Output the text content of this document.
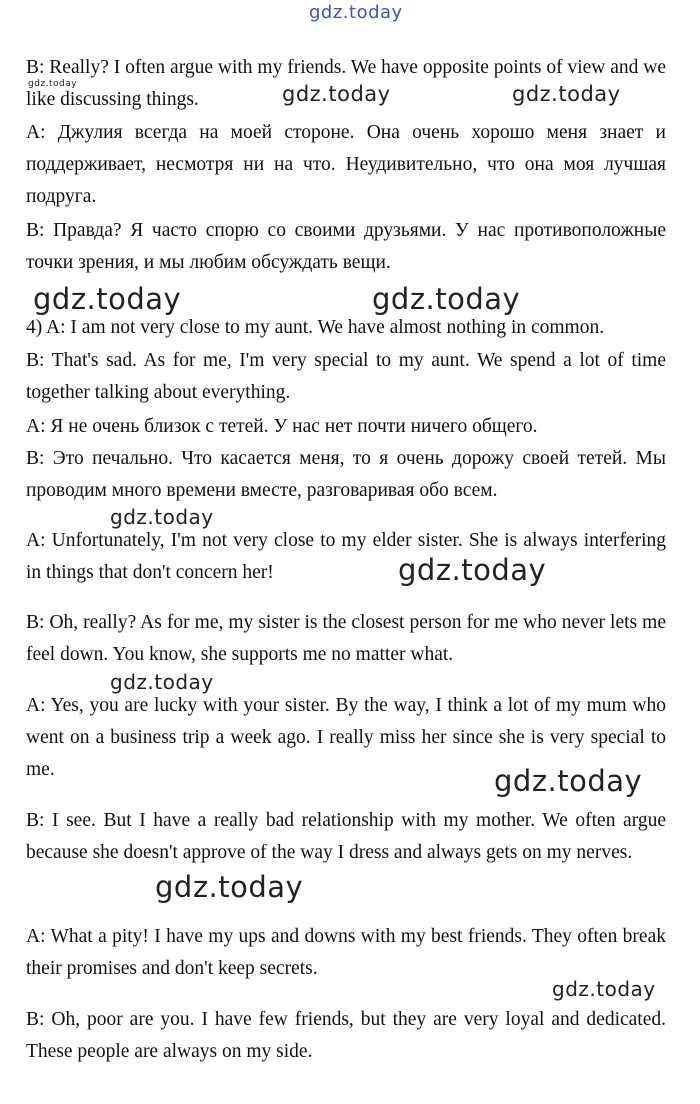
gdz.today
gdz.today	gdz.today	gdz.today
gdz.today	gdz.today
gdz.today
gdz.today
gdz.today
gdz.today
gdz.today
gdz.today

B: Really? I often argue with my friends. We have opposite points of view and we like discussing things.

A: Джулия всегда на моей стороне. Она очень хорошо меня знает и поддерживает, несмотря ни на что. Неудивительно, что она моя лучшая подруга.

В: Правда? Я часто спорю со своими друзьями. У нас противоположные точки зрения, и мы любим обсуждать вещи.

4) A: I am not very close to my aunt. We have almost nothing in common.

B: That's sad. As for me, I'm very special to my aunt. We spend a lot of time together talking about everything.

A: Я не очень близок с тетей. У нас нет почти ничего общего.

В: Это печально. Что касается меня, то я очень дорожу своей тетей. Мы проводим много времени вместе, разговаривая обо всем.

A: Unfortunately, I'm not very close to my elder sister. She is always interfering in things that don't concern her!

B: Oh, really? As for me, my sister is the closest person for me who never lets me feel down. You know, she supports me no matter what.

A: Yes, you are lucky with your sister. By the way, I think a lot of my mum who went on a business trip a week ago. I really miss her since she is very special to me.

B: I see. But I have a really bad relationship with my mother. We often argue because she doesn't approve of the way I dress and always gets on my nerves.

A: What a pity! I have my ups and downs with my best friends. They often break their promises and don't keep secrets.

B: Oh, poor are you. I have few friends, but they are very loyal and dedicated. These people are always on my side.
